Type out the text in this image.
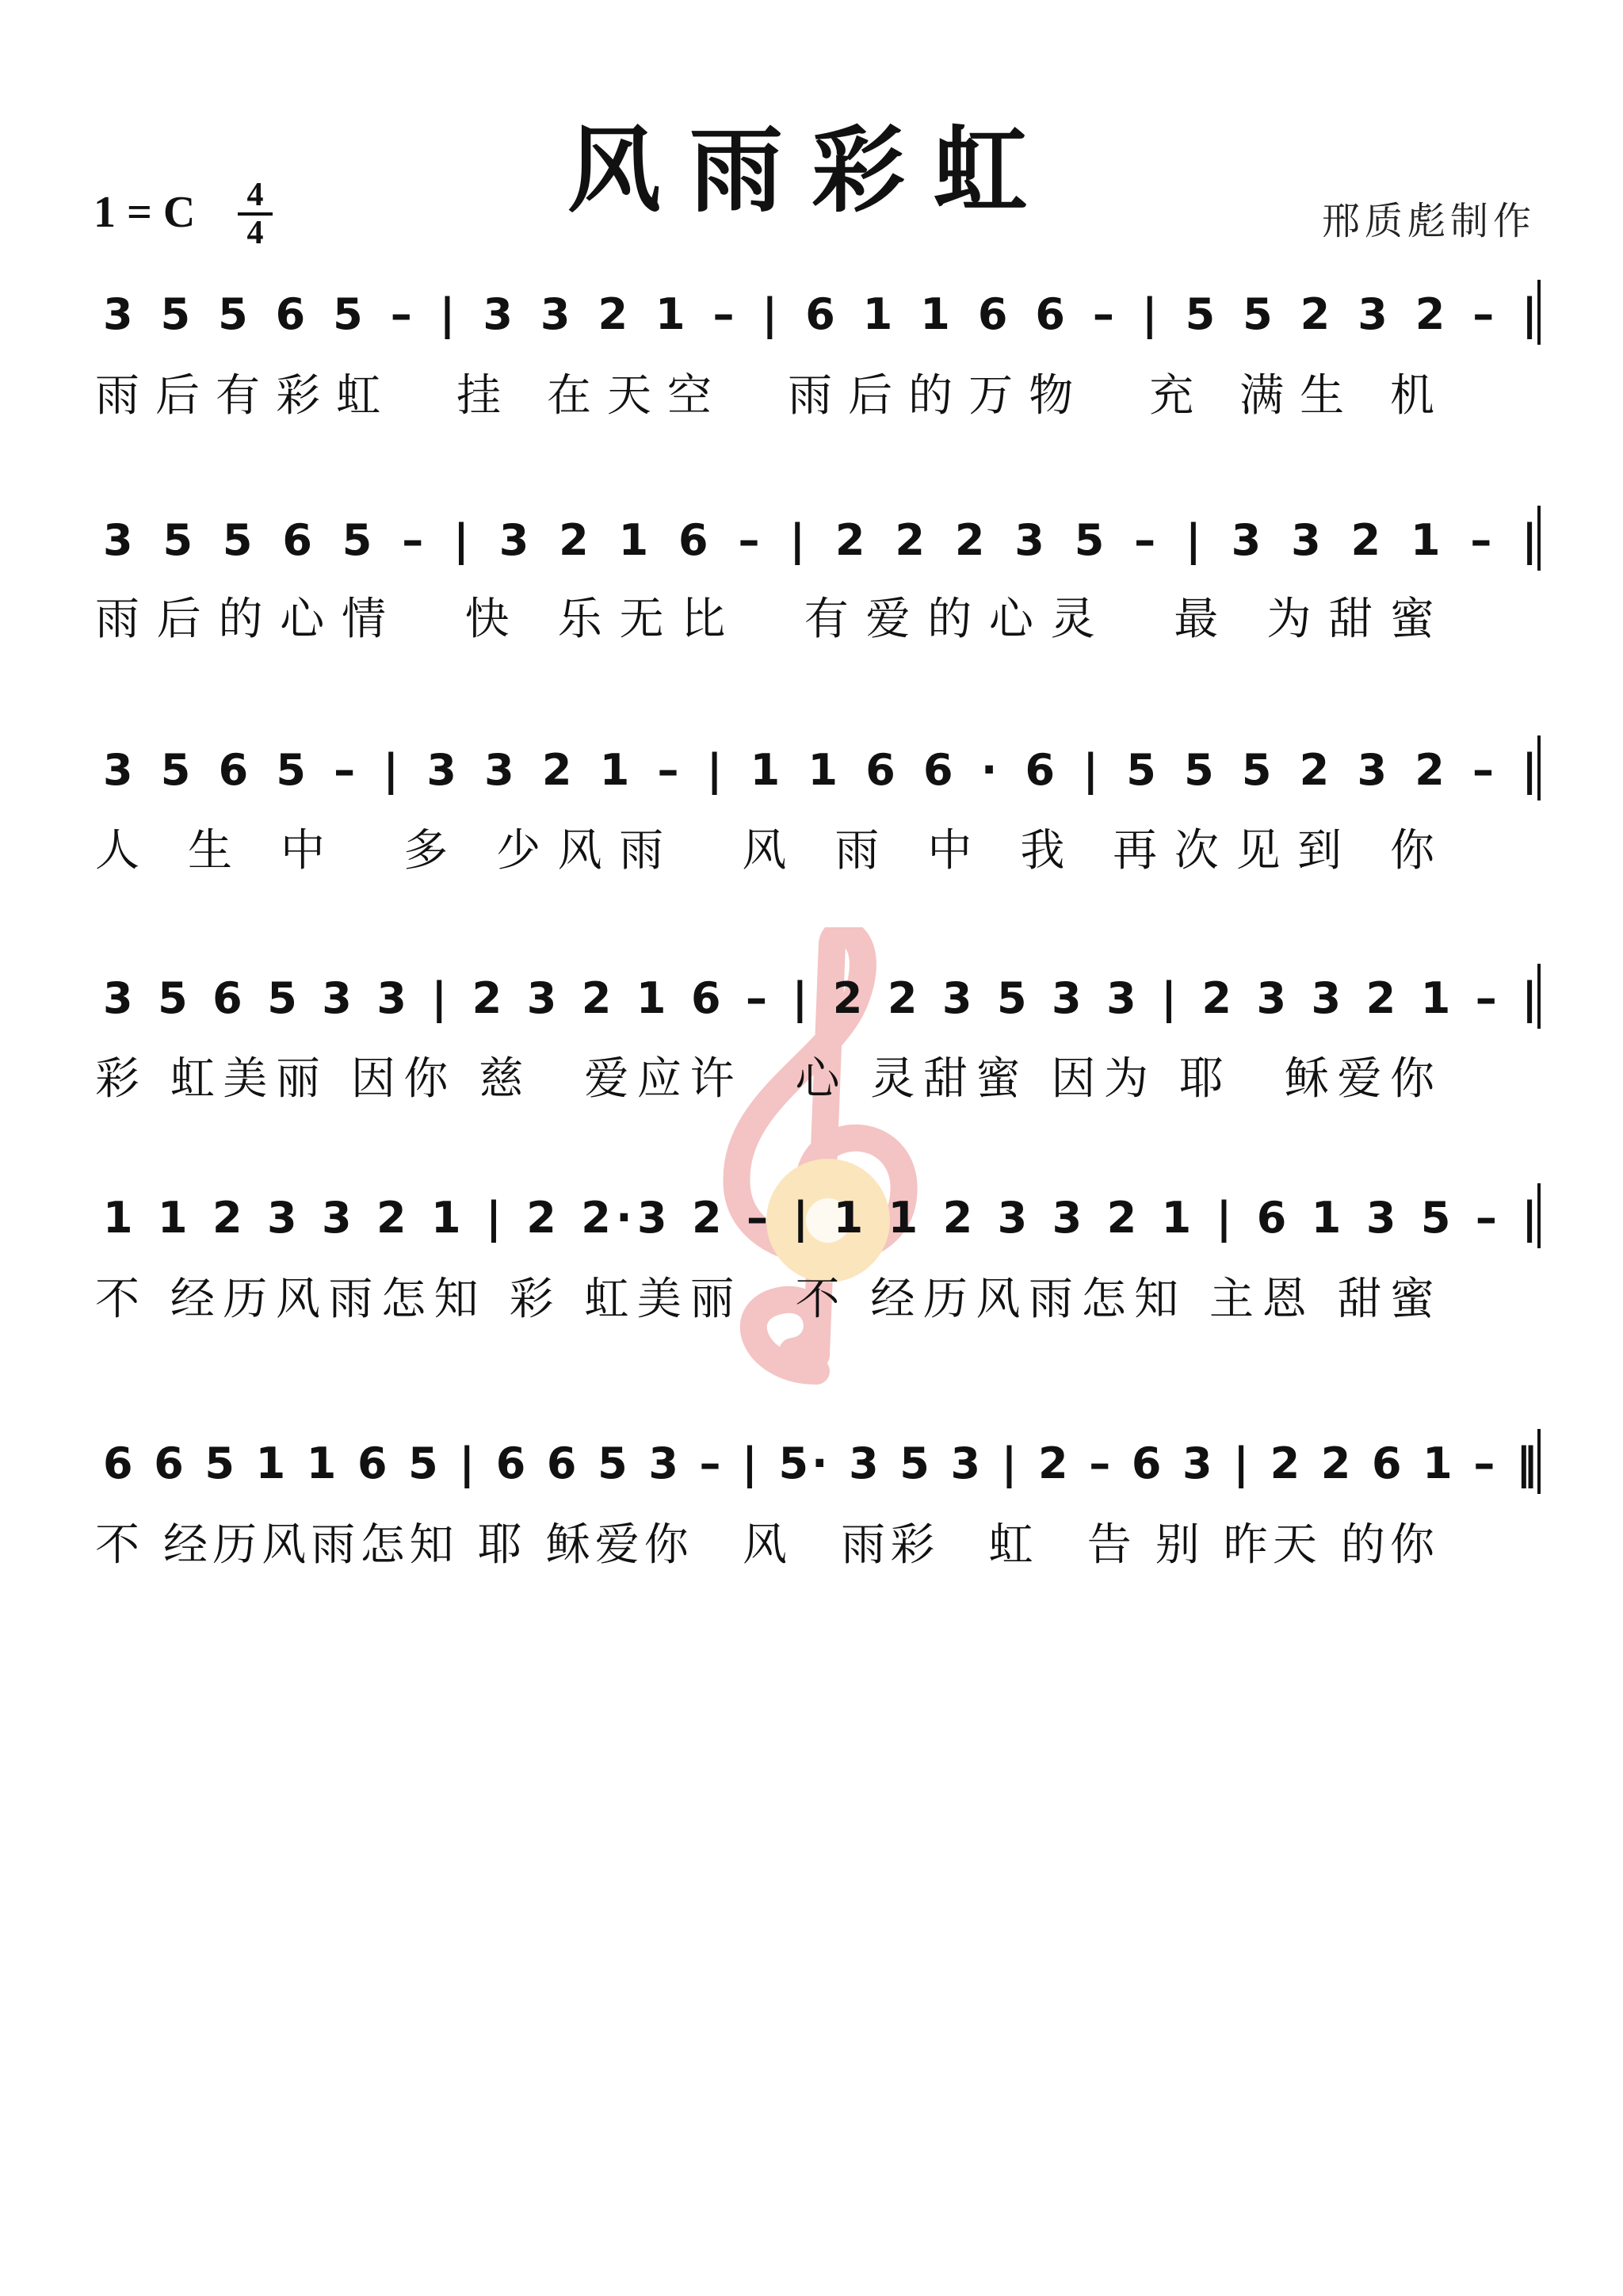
风雨彩虹
1 = C 4
4	邢质彪制作
3 5 5 6 5 – | 3 3 2 1 – | 6 1 1 6 6 – | 5 5 2 3 2 – |
雨后有彩虹　挂 在天空　雨后的万物　充 满生 机
3 5 5 6 5 – | 3 2 1 6 – | 2 2 2 3 5 – | 3 3 2 1 – |
雨后的心情　快 乐无比　有爱的心灵　最 为甜蜜
3 5 6 5 – | 3 3 2 1 – | 1 1 6 6 · 6 | 5 5 5 2 3 2 – |
人 生 中　多 少风雨　风 雨 中 我 再次见到 你
3 5 6 5 3 3 | 2 3 2 1 6 – | 2 2 3 5 3 3 | 2 3 3 2 1 – |
彩 虹美丽 因你 慈　爱应许　心 灵甜蜜 因为 耶　稣爱你
1 1 2 3 3 2 1 | 2 2·3 2 – | 1 1 2 3 3 2 1 | 6 1 3 5 – |
不 经历风雨怎知 彩 虹美丽　不 经历风雨怎知 主恩 甜蜜
6 6 5 1 1 6 5 | 6 6 5 3 – | 5· 3 5 3 | 2 – 6 3 | 2 2 6 1 – ‖
不 经历风雨怎知 耶 稣爱你　风　雨彩　虹　告 别 昨天 的你
